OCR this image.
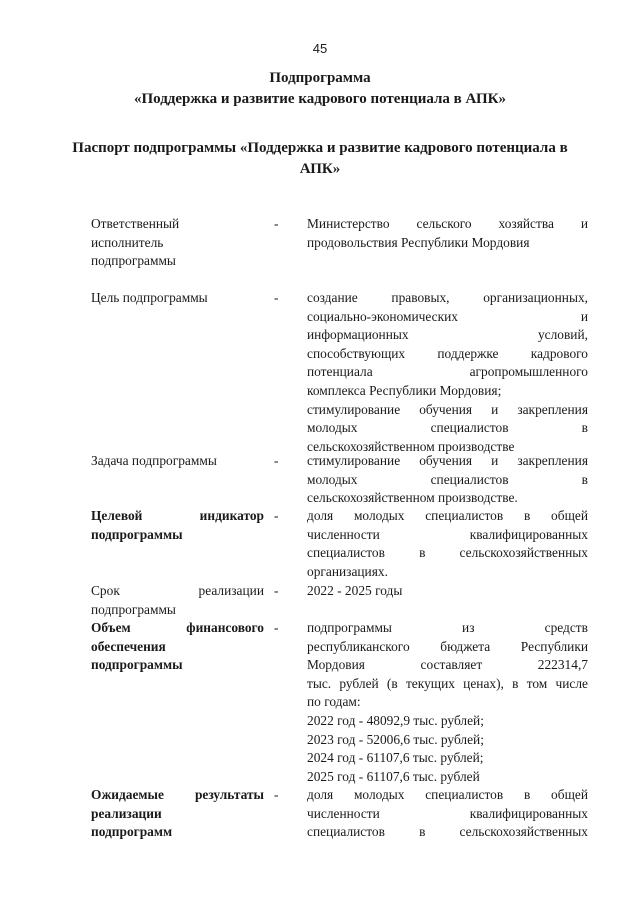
45
Подпрограмма
«Поддержка и развитие кадрового потенциала в АПК»
Паспорт подпрограммы «Поддержка и развитие кадрового потенциала в
АПК»
Ответственный
исполнитель
подпрограммы
- Министерство сельского хозяйства и
продовольствия Республики Мордовия
Цель подпрограммы	- создание правовых, организационных,
социально-экономических и
информационных условий,
способствующих поддержке кадрового
потенциала агропромышленного
комплекса Республики Мордовия;
стимулирование обучения и закрепления
молодых специалистов в
сельскохозяйственном производстве
Задача подпрограммы	- стимулирование обучения и закрепления
молодых специалистов в
сельскохозяйственном производстве.
Целевой индикатор
подпрограммы
- доля молодых специалистов в общей
численности квалифицированных
специалистов в сельскохозяйственных
организациях.
Срок реализации
подпрограммы
- 2022 - 2025 годы
Объем финансового
обеспечения
подпрограммы
- подпрограммы из средств
республиканского бюджета Республики
Мордовия составляет 222314,7
тыс. рублей (в текущих ценах), в том числе
по годам:
2022 год - 48092,9 тыс. рублей;
2023 год - 52006,6 тыс. рублей;
2024 год - 61107,6 тыс. рублей;
2025 год - 61107,6 тыс. рублей
Ожидаемые результаты
реализации
подпрограмм
- доля молодых специалистов в общей
численности квалифицированных
специалистов в сельскохозяйственных
